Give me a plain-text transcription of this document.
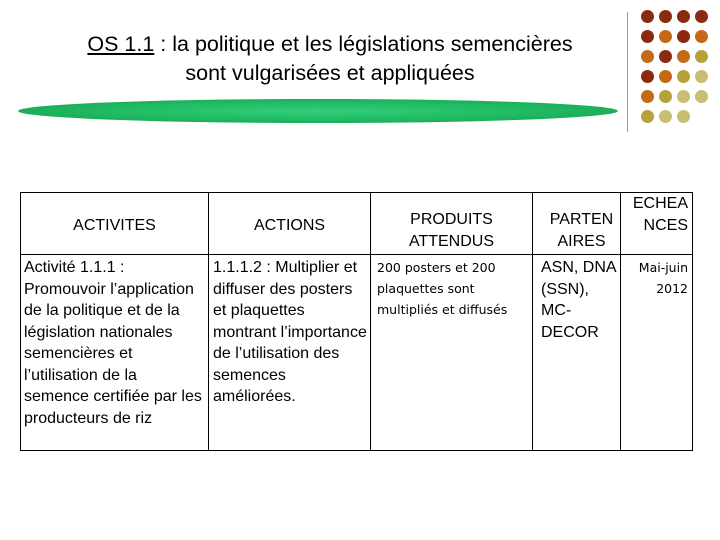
OS 1.1 : la politique et les législations semencières
sont vulgarisées et appliquées
ACTIVITES	ACTIONS	PRODUITS ATTENDUS	PARTEN AIRES	ECHEA NCES

Activité 1.1.1 :
Promouvoir l’application de la politique et de la législation nationales semencières et l’utilisation de la semence certifiée par les producteurs de riz	1.1.1.2 : Multiplier et diffuser des posters et plaquettes montrant l’importance de l’utilisation des semences améliorées.	200 posters et 200 plaquettes sont multipliés et diffusés	ASN, DNA (SSN), MC-DECOR	Mai-juin 2012
